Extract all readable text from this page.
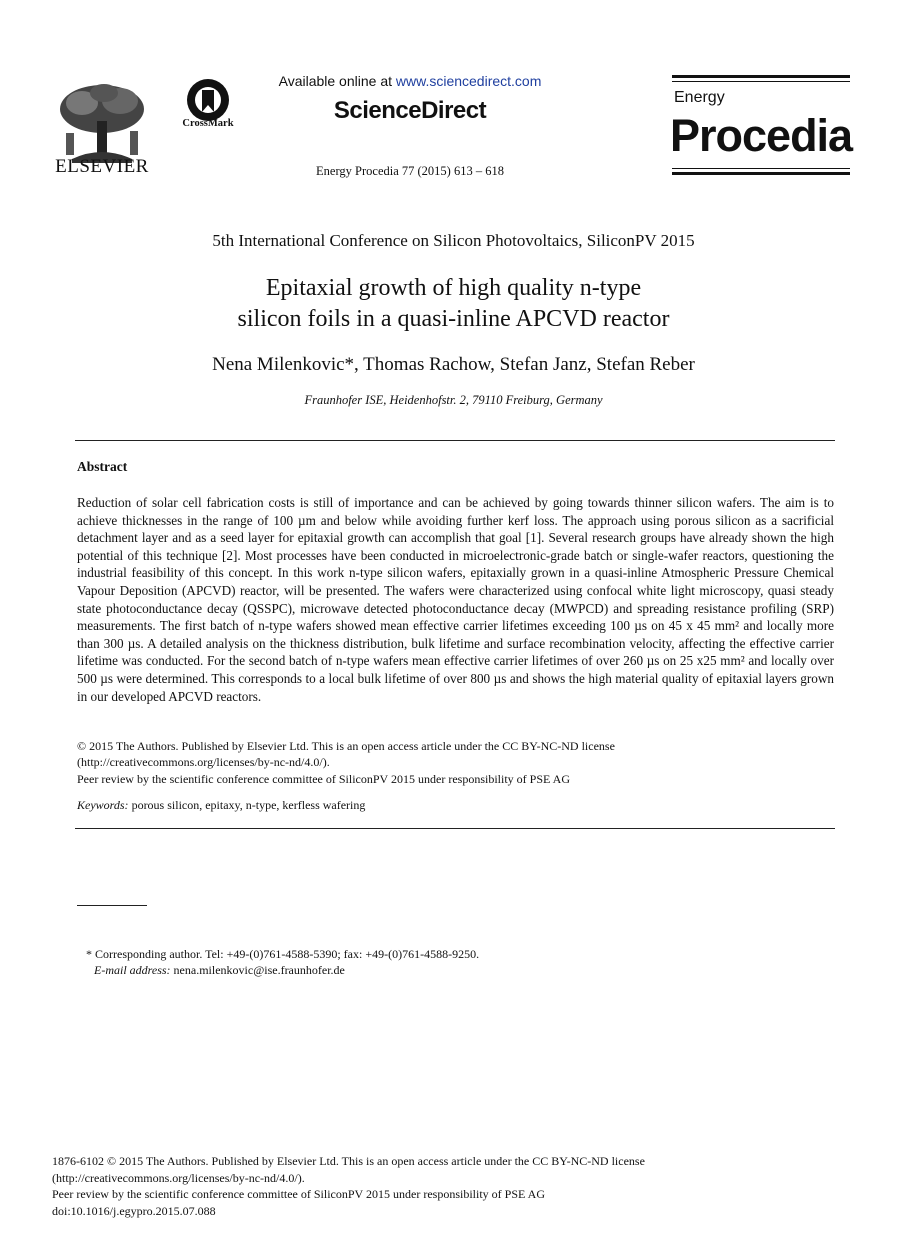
ELSEVIER
CrossMark
Available online at www.sciencedirect.com
ScienceDirect
Energy Procedia 77 (2015) 613 – 618
Energy
Procedia
5th International Conference on Silicon Photovoltaics, SiliconPV 2015
Epitaxial growth of high quality n-type
silicon foils in a quasi-inline APCVD reactor
Nena Milenkovic*, Thomas Rachow, Stefan Janz, Stefan Reber
Fraunhofer ISE, Heidenhofstr. 2, 79110 Freiburg, Germany
Abstract
Reduction of solar cell fabrication costs is still of importance and can be achieved by going towards thinner silicon wafers. The aim is to achieve thicknesses in the range of 100 µm and below while avoiding further kerf loss. The approach using porous silicon as a sacrificial detachment layer and as a seed layer for epitaxial growth can accomplish that goal [1]. Several research groups have already shown the high potential of this technique [2]. Most processes have been conducted in microelectronic-grade batch or single-wafer reactors, questioning the industrial feasibility of this concept. In this work n-type silicon wafers, epitaxially grown in a quasi-inline Atmospheric Pressure Chemical Vapour Deposition (APCVD) reactor, will be presented. The wafers were characterized using confocal white light microscopy, quasi steady state photoconductance decay (QSSPC), microwave detected photoconductance decay (MWPCD) and spreading resistance profiling (SRP) measurements. The first batch of n-type wafers showed mean effective carrier lifetimes exceeding 100 µs on 45 x 45 mm² and locally more than 300 µs. A detailed analysis on the thickness distribution, bulk lifetime and surface recombination velocity, affecting the effective carrier lifetime was conducted. For the second batch of n-type wafers mean effective carrier lifetimes of over 260 µs on 25 x25 mm² and locally over 500 µs were determined. This corresponds to a local bulk lifetime of over 800 µs and shows the high material quality of epitaxial layers grown in our developed APCVD reactors.
© 2015 The Authors. Published by Elsevier Ltd. This is an open access article under the CC BY-NC-ND license
(http://creativecommons.org/licenses/by-nc-nd/4.0/).
Peer review by the scientific conference committee of SiliconPV 2015 under responsibility of PSE AG
Keywords: porous silicon, epitaxy, n-type, kerfless wafering
* Corresponding author. Tel: +49-(0)761-4588-5390; fax: +49-(0)761-4588-9250.
E-mail address: nena.milenkovic@ise.fraunhofer.de
1876-6102 © 2015 The Authors. Published by Elsevier Ltd. This is an open access article under the CC BY-NC-ND license
(http://creativecommons.org/licenses/by-nc-nd/4.0/).
Peer review by the scientific conference committee of SiliconPV 2015 under responsibility of PSE AG
doi:10.1016/j.egypro.2015.07.088
